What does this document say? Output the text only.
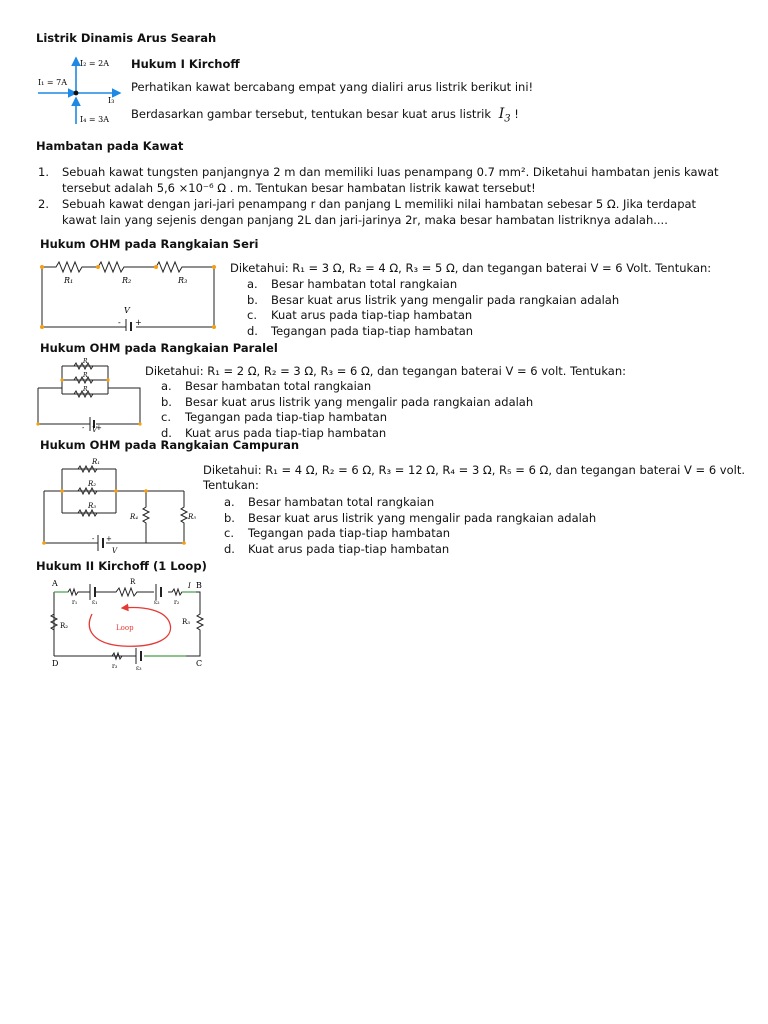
Listrik Dinamis Arus Searah
I₁ = 7A
I₂ = 2A
I₃
I₄ = 3A
Hukum I Kirchoff
Perhatikan kawat bercabang empat yang dialiri arus listrik berikut ini!
Berdasarkan gambar tersebut, tentukan besar kuat arus listrik $I_3$ !
Hambatan pada Kawat
1. Sebuah kawat tungsten panjangnya 2 m dan memiliki luas penampang 0.7 mm². Diketahui hambatan jenis kawat tersebut adalah 5,6 ×10⁻⁶ Ω . m. Tentukan besar hambatan listrik kawat tersebut!
2. Sebuah kawat dengan jari-jari penampang r dan panjang L memiliki nilai hambatan sebesar 5 Ω. Jika terdapat kawat lain yang sejenis dengan panjang 2L dan jari-jarinya 2r, maka besar hambatan listriknya adalah....
Hukum OHM pada Rangkaian Seri
R₁	R₂	R₃
V
- +
Diketahui: R₁ = 3 Ω, R₂ = 4 Ω, R₃ = 5 Ω, dan tegangan baterai V = 6 Volt. Tentukan:
a. Besar hambatan total rangkaian
b. Besar kuat arus listrik yang mengalir pada rangkaian adalah
c. Kuat arus pada tiap-tiap hambatan
d. Tegangan pada tiap-tiap hambatan
Hukum OHM pada Rangkaian Paralel
R
R
R
- +
V
Diketahui: R₁ = 2 Ω, R₂ = 3 Ω, R₃ = 6 Ω, dan tegangan baterai V = 6 volt. Tentukan:
a. Besar hambatan total rangkaian
b. Besar kuat arus listrik yang mengalir pada rangkaian adalah
c. Tegangan pada tiap-tiap hambatan
d. Kuat arus pada tiap-tiap hambatan
Hukum OHM pada Rangkaian Campuran
R₁
R₂
R₃
R₄	R₅
- +
V
Diketahui: R₁ = 4 Ω, R₂ = 6 Ω, R₃ = 12 Ω, R₄ = 3 Ω, R₅ = 6 Ω, dan tegangan baterai V = 6 volt.
Tentukan:
a. Besar hambatan total rangkaian
b. Besar kuat arus listrik yang mengalir pada rangkaian adalah
c. Tegangan pada tiap-tiap hambatan
d. Kuat arus pada tiap-tiap hambatan
Hukum II Kirchoff (1 Loop)
Loop
A	B
C
D
R
r₁ ε₁	ε₂ r₂
I
R₂	R₃
r₃	ε₃
